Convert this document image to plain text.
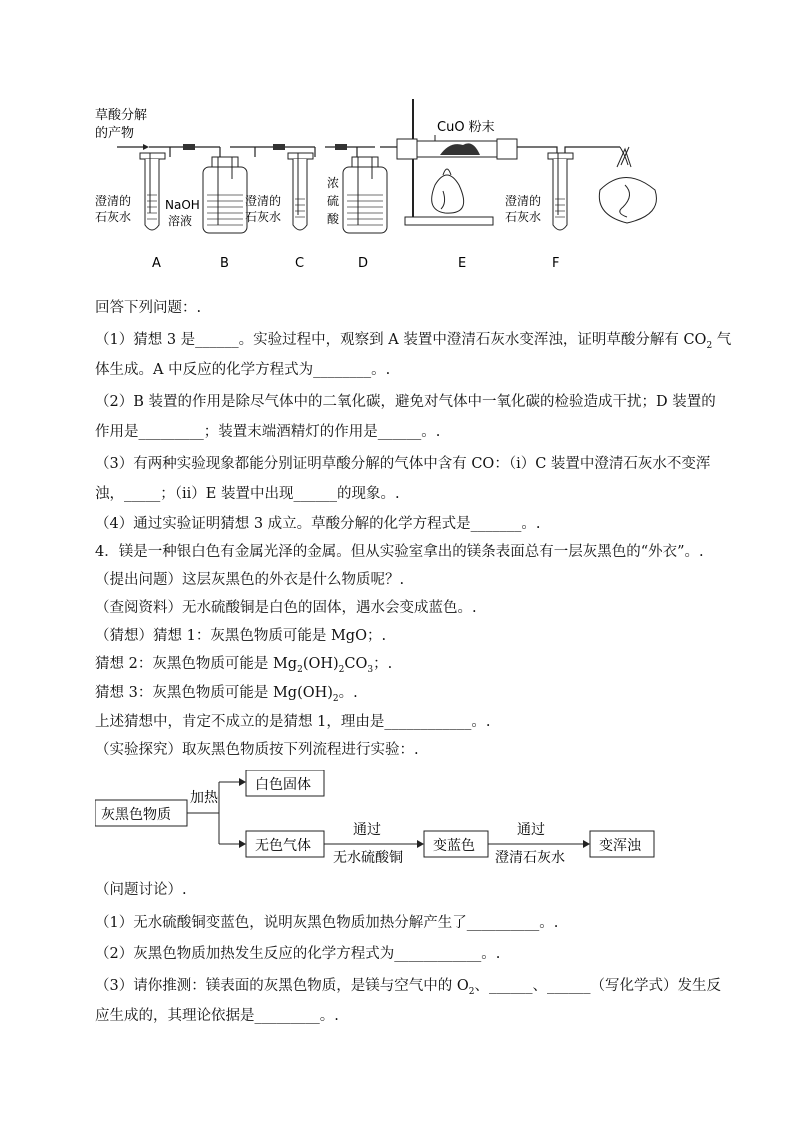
草酸分解
的产物
澄清的
石灰水
NaOH
溶液
澄清的
石灰水
浓
硫
酸
CuO 粉末
澄清的
石灰水
A	B	C	D	E	F
回答下列问题：.
（1）猜想 3 是______。实验过程中，观察到 A 装置中澄清石灰水变浑浊，证明草酸分解有 $CO_2$ 气
体生成。A 中反应的化学方程式为________。.
（2）B 装置的作用是除尽气体中的二氧化碳，避免对气体中一氧化碳的检验造成干扰；D 装置的
作用是_________；装置末端酒精灯的作用是______。.
（3）有两种实验现象都能分别证明草酸分解的气体中含有 CO：（i）C 装置中澄清石灰水不变浑
浊，_____；（ii）E 装置中出现______的现象。.
（4）通过实验证明猜想 3 成立。草酸分解的化学方程式是_______。.
4．镁是一种银白色有金属光泽的金属。但从实验室拿出的镁条表面总有一层灰黑色的“外衣”。.
（提出问题）这层灰黑色的外衣是什么物质呢？.
（查阅资料）无水硫酸铜是白色的固体，遇水会变成蓝色。.
（猜想）猜想 1：灰黑色物质可能是 MgO；.
猜想 2：灰黑色物质可能是 $Mg_2(OH)_2CO_3$；.
猜想 3：灰黑色物质可能是 $Mg(OH)_2$。.
上述猜想中，肯定不成立的是猜想 1，理由是____________。.
（实验探究）取灰黑色物质按下列流程进行实验：.
灰黑色物质
加热
白色固体
无色气体
通过
无水硫酸铜
变蓝色
通过
澄清石灰水
变浑浊
（问题讨论）.
（1）无水硫酸铜变蓝色，说明灰黑色物质加热分解产生了__________。.
（2）灰黑色物质加热发生反应的化学方程式为____________。.
（3）请你推测：镁表面的灰黑色物质，是镁与空气中的 $O_2$、______、______（写化学式）发生反
应生成的，其理论依据是_________。.
